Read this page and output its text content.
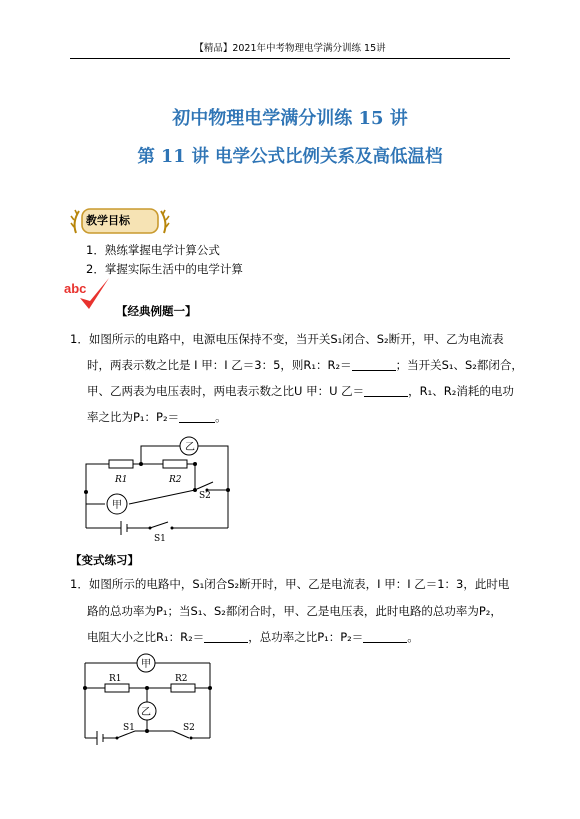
【精品】2021年中考物理电学满分训练 15讲
初中物理电学满分训练 15 讲
第 11 讲 电学公式比例关系及高低温档
教学目标
1．熟练掌握电学计算公式
2．掌握实际生活中的电学计算
abc
【经典例题一】
1．如图所示的电路中，电源电压保持不变，当开关S₁闭合、S₂断开，甲、乙为电流表
时，两表示数之比是 I 甲：I 乙＝3：5，则R₁：R₂＝	；当开关S₁、S₂都闭合，
甲、乙两表为电压表时，两电表示数之比U 甲：U 乙＝	，R₁、R₂消耗的电功
率之比为P₁：P₂＝	。
乙
甲
R1	R2
S2
S1
【变式练习】
1．如图所示的电路中，S₁闭合S₂断开时，甲、乙是电流表，I 甲：I 乙＝1：3，此时电
路的总功率为P₁；当S₁、S₂都闭合时，甲、乙是电压表，此时电路的总功率为P₂，
电阻大小之比R₁：R₂＝	，总功率之比P₁：P₂＝	。
甲
乙
R1	R2
S1	S2
